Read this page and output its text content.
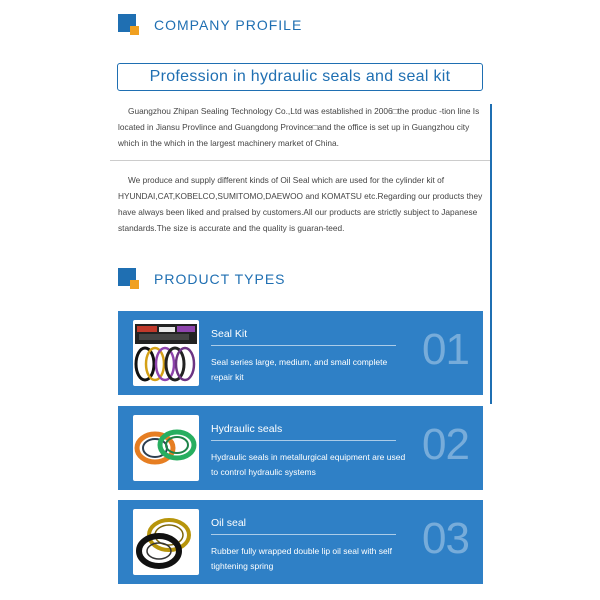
COMPANY PROFILE
Profession in hydraulic seals and seal kit

Guangzhou Zhipan Sealing Technology Co.,Ltd was established in 2006□the produc -tion line Is located in Jiansu Provlince and Guangdong Province□and the office is set up in Guangzhou city which in the which in the largest machinery market of China.

We produce and supply different kinds of Oil Seal which are used for the cylinder kit of HYUNDAI,CAT,KOBELCO,SUMITOMO,DAEWOO and KOMATSU etc.Regarding our products they have always been liked and pralsed by customers.All our products are strictly subject to Japanese standards.The size is accurate and the quality is guaran-teed.

PRODUCT TYPES
Seal Kit
Seal series large, medium, and small complete repair kit
01
Hydraulic seals
Hydraulic seals in metallurgical equipment are used to control hydraulic systems
02
Oil seal
Rubber fully wrapped double lip oil seal with self tightening spring
03
